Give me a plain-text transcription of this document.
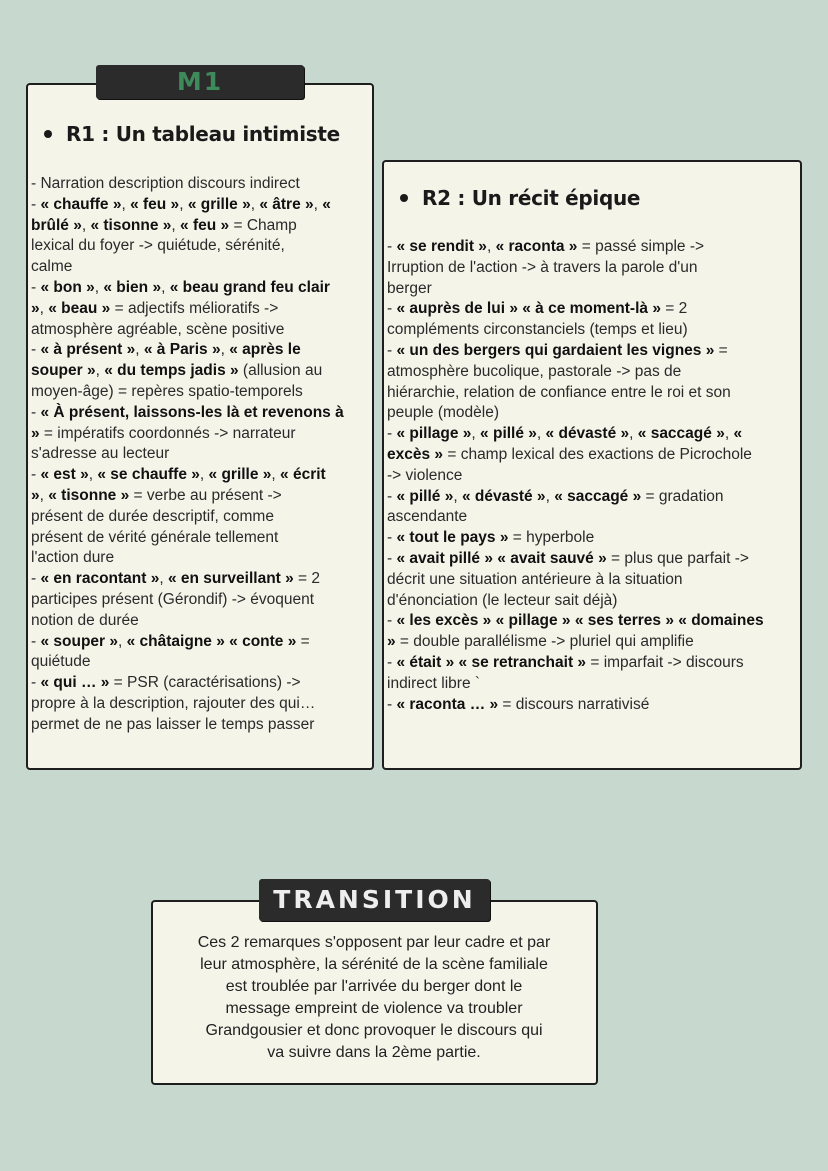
M1
R1 : Un tableau intimiste
- Narration description discours indirect
- « chauffe », « feu », « grille », « âtre », «
brûlé », « tisonne », « feu » = Champ
lexical du foyer -> quiétude, sérénité,
calme
- « bon », « bien », « beau grand feu clair
», « beau » = adjectifs mélioratifs ->
atmosphère agréable, scène positive
- « à présent », « à Paris », « après le
souper », « du temps jadis » (allusion au
moyen-âge) = repères spatio-temporels
- « À présent, laissons-les là et revenons à
» = impératifs coordonnés -> narrateur
s'adresse au lecteur
- « est », « se chauffe », « grille », « écrit
», « tisonne » = verbe au présent ->
présent de durée descriptif, comme
présent de vérité générale tellement
l'action dure
- « en racontant », « en surveillant » = 2
participes présent (Gérondif) -> évoquent
notion de durée
- « souper », « châtaigne » « conte » =
quiétude
- « qui … » = PSR (caractérisations) ->
propre à la description, rajouter des qui…
permet de ne pas laisser le temps passer
R2 : Un récit épique
- « se rendit », « raconta » = passé simple ->
Irruption de l'action -> à travers la parole d'un
berger
- « auprès de lui » « à ce moment-là » = 2
compléments circonstanciels (temps et lieu)
- « un des bergers qui gardaient les vignes » =
atmosphère bucolique, pastorale -> pas de
hiérarchie, relation de confiance entre le roi et son
peuple (modèle)
- « pillage », « pillé », « dévasté », « saccagé », «
excès » = champ lexical des exactions de Picrochole
-> violence
- « pillé », « dévasté », « saccagé » = gradation
ascendante
- « tout le pays » = hyperbole
- « avait pillé » « avait sauvé » = plus que parfait ->
décrit une situation antérieure à la situation
d'énonciation (le lecteur sait déjà)
- « les excès » « pillage » « ses terres » « domaines
» = double parallélisme -> pluriel qui amplifie
- « était » « se retranchait » = imparfait -> discours
indirect libre `
- « raconta … » = discours narrativisé
TRANSITION
Ces 2 remarques s'opposent par leur cadre et par
leur atmosphère, la sérénité de la scène familiale
est troublée par l'arrivée du berger dont le
message empreint de violence va troubler
Grandgousier et donc provoquer le discours qui
va suivre dans la 2ème partie.
